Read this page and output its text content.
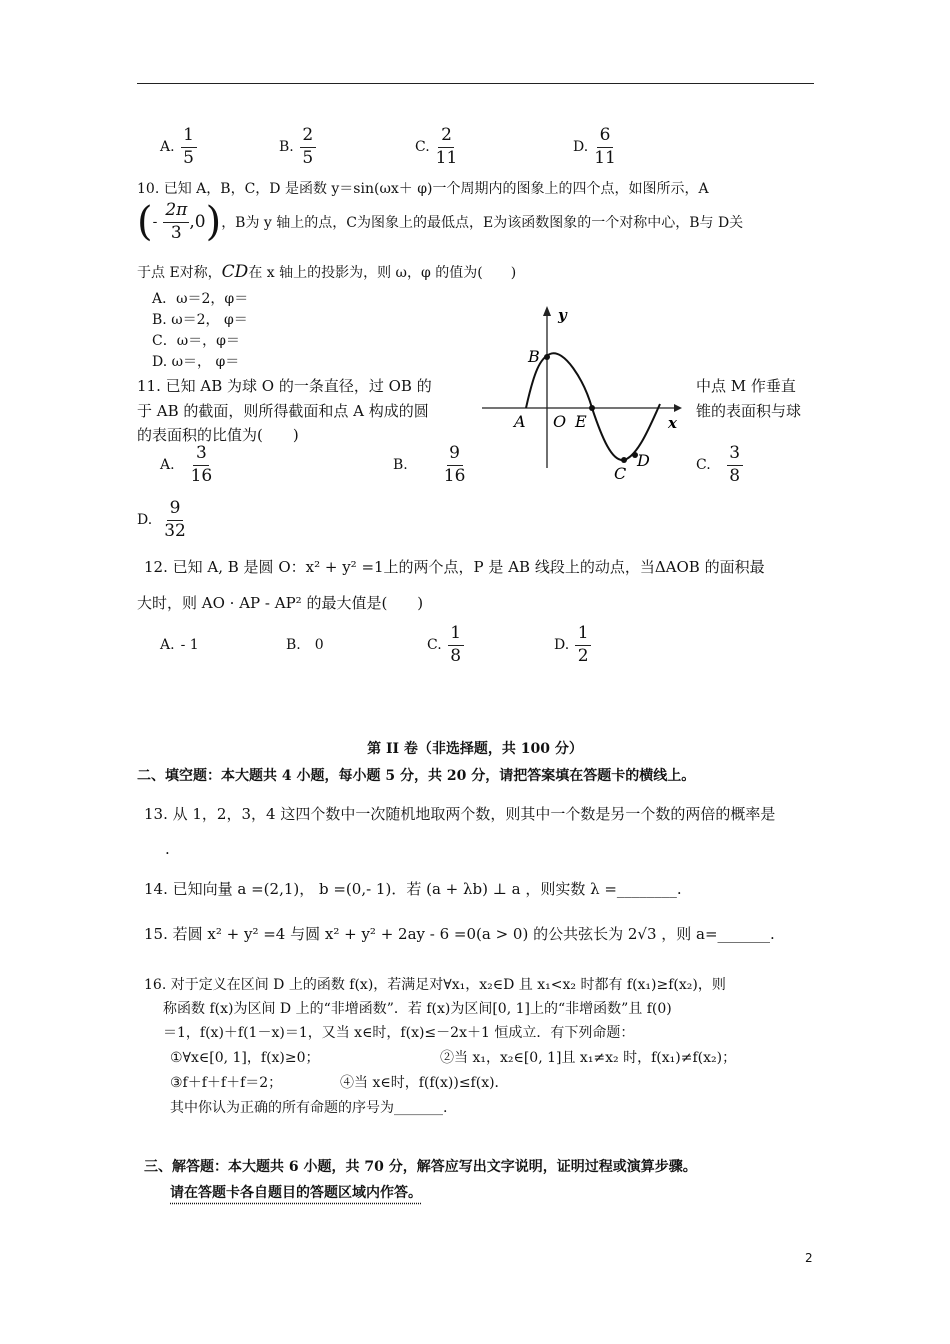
A. $\frac{1}{5}$	B. $\frac{2}{5}$	C. $\frac{2}{11}$	D. $\frac{6}{11}$
10. 已知 A，B，C，D 是函数 y＝sin(ωx＋ φ)一个周期内的图象上的四个点，如图所示，A
( - $\frac{2\pi}{3} ,0$ ) ，B为 y 轴上的点，C为图象上的最低点，E为该函数图象的一个对称中心，B与 D关
于点 E对称，CD在 x 轴上的投影为，则 ω，φ 的值为(　　)
A．ω＝2，φ＝
B. ω＝2， φ＝
C．ω＝，φ＝
D. ω＝， φ＝
y
x
A O E
B
C
D
11. 已知 AB 为球 O 的一条直径，过 OB 的	中点 M 作垂直
于 AB 的截面，则所得截面和点 A 构成的圆	锥的表面积与球
的表面积的比值为(　　)
A. $\frac{3}{16}$	B. $\frac{9}{16}$	C. $\frac{3}{8}$
D. $\frac{9}{32}$
12. 已知 A, B 是圆 O：x² + y² =1上的两个点，P 是 AB 线段上的动点，当ΔAOB 的面积最
大时，则 AO · AP - AP² 的最大值是(　　)
A. - 1	B. 0	C. $\frac{1}{8}$	D. $\frac{1}{2}$
第 II 卷（非选择题，共 100 分）
二、填空题：本大题共 4 小题，每小题 5 分，共 20 分，请把答案填在答题卡的横线上。
13. 从 1，2，3，4 这四个数中一次随机地取两个数，则其中一个数是另一个数的两倍的概率是
.
14. 已知向量 a =(2,1)， b =(0,- 1)．若 (a + λb) ⊥ a ，则实数 λ =________.
15. 若圆 x² + y² =4 与圆 x² + y² + 2ay - 6 =0(a > 0) 的公共弦长为 2√3 ，则 a=_______.
16. 对于定义在区间 D 上的函数 f(x)，若满足对∀x₁，x₂∈D 且 x₁<x₂ 时都有 f(x₁)≥f(x₂)，则
称函数 f(x)为区间 D 上的“非增函数”．若 f(x)为区间[0, 1]上的“非增函数”且 f(0)
＝1，f(x)＋f(1－x)＝1，又当 x∈时，f(x)≤－2x＋1 恒成立．有下列命题：
①∀x∈[0, 1]，f(x)≥0；	②当 x₁，x₂∈[0, 1]且 x₁≠x₂ 时，f(x₁)≠f(x₂)；
③f＋f＋f＋f＝2；	④当 x∈时，f(f(x))≤f(x)．
其中你认为正确的所有命题的序号为_______.
三、解答题：本大题共 6 小题，共 70 分，解答应写出文字说明，证明过程或演算步骤。
请在答题卡各自题目的答题区域内作答。
2
